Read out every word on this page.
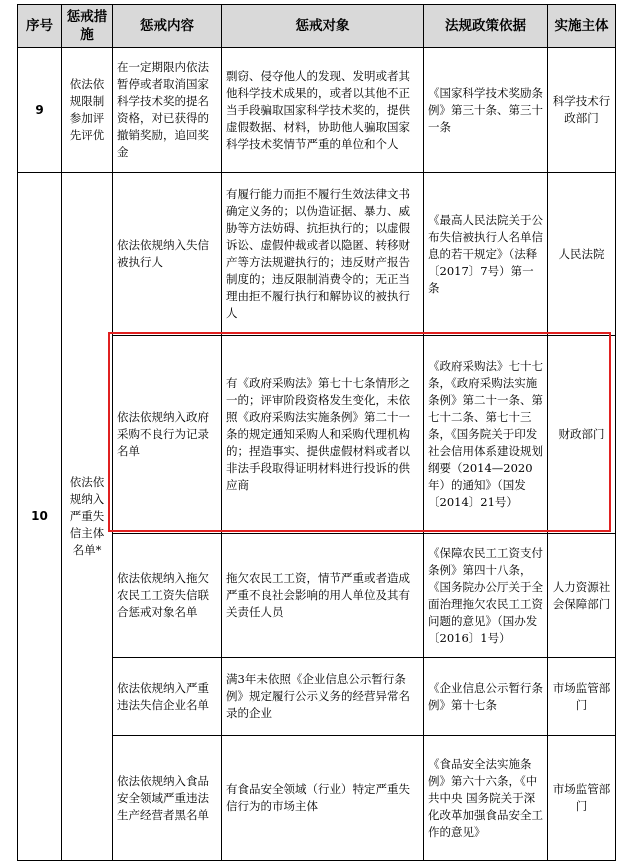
序号	惩戒措施	惩戒内容	惩戒对象	法规政策依据	实施主体
9	依法依规限制参加评先评优	在一定期限内依法暂停或者取消国家科学技术奖的提名资格，对已获得的撤销奖励，追回奖金	剽窃、侵夺他人的发现、发明或者其他科学技术成果的，或者以其他不正当手段骗取国家科学技术奖的，提供虚假数据、材料，协助他人骗取国家科学技术奖情节严重的单位和个人	《国家科学技术奖励条例》第三十条、第三十一条	科学技术行政部门
10	依法依规纳入严重失信主体名单*	依法依规纳入失信被执行人	有履行能力而拒不履行生效法律文书确定义务的；以伪造证据、暴力、威胁等方法妨碍、抗拒执行的；以虚假诉讼、虚假仲裁或者以隐匿、转移财产等方法规避执行的；违反财产报告制度的；违反限制消费令的；无正当理由拒不履行执行和解协议的被执行人	《最高人民法院关于公布失信被执行人名单信息的若干规定》（法释〔2017〕7号）第一条	人民法院
		依法依规纳入政府采购不良行为记录名单	有《政府采购法》第七十七条情形之一的；评审阶段资格发生变化，未依照《政府采购法实施条例》第二十一条的规定通知采购人和采购代理机构的；捏造事实、提供虚假材料或者以非法手段取得证明材料进行投诉的供应商	《政府采购法》七十七条，《政府采购法实施条例》第二十一条、第七十二条、第七十三条，《国务院关于印发社会信用体系建设规划纲要（2014—2020年）的通知》（国发〔2014〕21号）	财政部门
		依法依规纳入拖欠农民工工资失信联合惩戒对象名单	拖欠农民工工资，情节严重或者造成严重不良社会影响的用人单位及其有关责任人员	《保障农民工工资支付条例》第四十八条，《国务院办公厅关于全面治理拖欠农民工工资问题的意见》（国办发〔2016〕1号）	人力资源社会保障部门
		依法依规纳入严重违法失信企业名单	满3年未依照《企业信息公示暂行条例》规定履行公示义务的经营异常名录的企业	《企业信息公示暂行条例》第十七条	市场监管部门
		依法依规纳入食品安全领域严重违法生产经营者黑名单	有食品安全领域（行业）特定严重失信行为的市场主体	《食品安全法实施条例》第六十六条，《中共中央 国务院关于深化改革加强食品安全工作的意见》	市场监管部门
